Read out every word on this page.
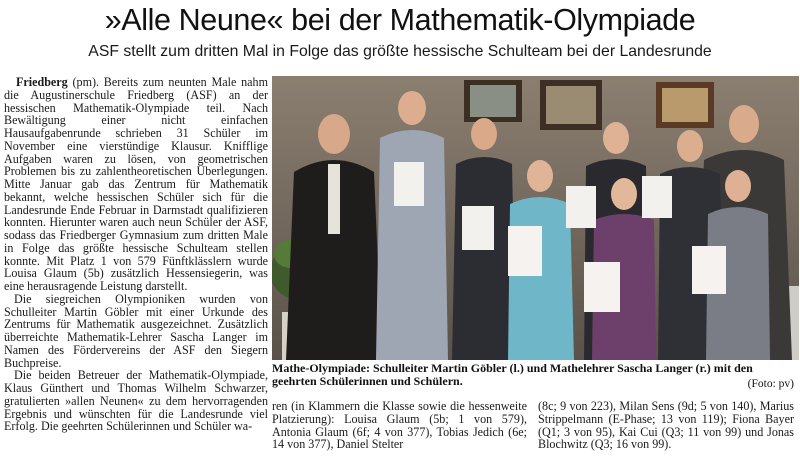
»Alle Neune« bei der Mathematik-Olympiade
ASF stellt zum dritten Mal in Folge das größte hessische Schulteam bei der Landesrunde

Friedberg (pm). Bereits zum neunten Male nahm die Augustinerschule Friedberg (ASF) an der hessischen Mathematik-Olympiade teil. Nach Bewältigung einer nicht einfachen Hausaufgabenrunde schrieben 31 Schüler im November eine vierstündige Klausur. Knifflige Aufgaben waren zu lösen, von geometrischen Problemen bis zu zahlentheoretischen Überlegungen. Mitte Januar gab das Zentrum für Mathematik bekannt, welche hessischen Schüler sich für die Landesrunde Ende Februar in Darmstadt qualifizieren konnten. Hierunter waren auch neun Schüler der ASF, sodass das Friedberger Gymnasium zum dritten Male in Folge das größte hessische Schulteam stellen konnte. Mit Platz 1 von 579 Fünftklässlern wurde Louisa Glaum (5b) zusätzlich Hessensiegerin, was eine herausragende Leistung darstellt.

Die siegreichen Olympioniken wurden von Schulleiter Martin Göbler mit einer Urkunde des Zentrums für Mathematik ausgezeichnet. Zusätzlich überreichte Mathematik-Lehrer Sascha Langer im Namen des Fördervereins der ASF den Siegern Buchpreise.

Die beiden Betreuer der Mathematik-Olympiade, Klaus Günthert und Thomas Wilhelm Schwarzer, gratulierten »allen Neunen« zu dem hervorragenden Ergebnis und wünschten für die Landesrunde viel Erfolg. Die geehrten Schülerinnen und Schüler wa-

Mathe-Olympiade: Schulleiter Martin Göbler (l.) und Mathelehrer Sascha Langer (r.) mit den geehrten Schülerinnen und Schülern.	(Foto: pv)

ren (in Klammern die Klasse sowie die hessenweite Platzierung): Louisa Glaum (5b; 1 von 579), Antonia Glaum (6f; 4 von 377), Tobias Jedich (6e; 14 von 377), Daniel Stelter

(8c; 9 von 223), Milan Sens (9d; 5 von 140), Marius Strippelmann (E-Phase; 13 von 119); Fiona Bayer (Q1; 3 von 95), Kai Cui (Q3; 11 von 99) und Jonas Blochwitz (Q3; 16 von 99).
